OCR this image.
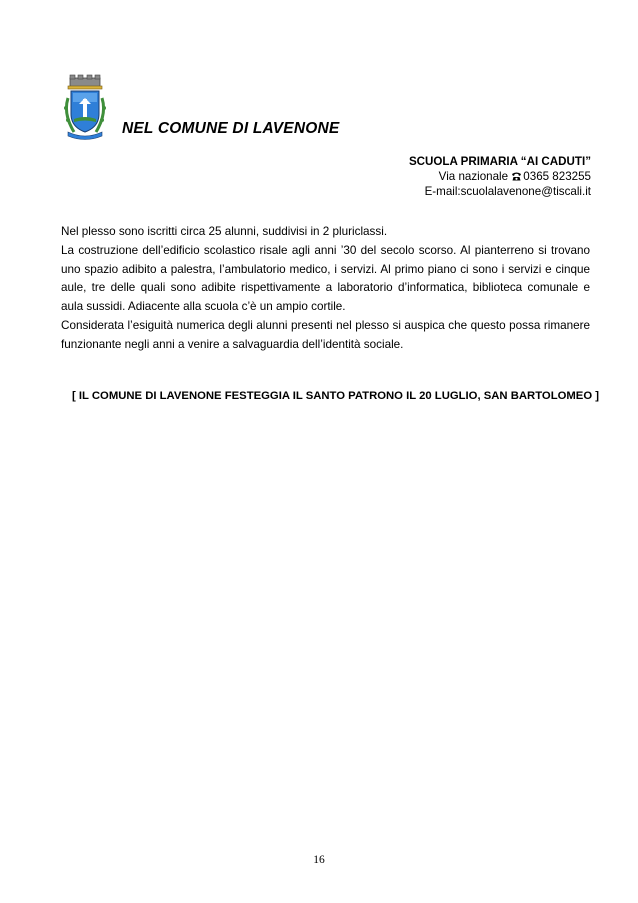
NEL COMUNE DI LAVENONE
SCUOLA PRIMARIA “AI CADUTI”
Via nazionale 0365 823255
E-mail:scuolalavenone@tiscali.it

Nel plesso sono iscritti circa 25 alunni, suddivisi in 2 pluriclassi.

La costruzione dell’edificio scolastico risale agli anni ’30 del secolo scorso. Al pianterreno si trovano uno spazio adibito a palestra, l’ambulatorio medico, i servizi. Al primo piano ci sono i servizi e cinque aule, tre delle quali sono adibite rispettivamente a laboratorio d’informatica, biblioteca comunale e aula sussidi. Adiacente alla scuola c’è un ampio cortile.

Considerata l’esiguità numerica degli alunni presenti nel plesso si auspica che questo possa rimanere funzionante negli anni a venire a salvaguardia dell’identità sociale.

[ IL COMUNE DI LAVENONE FESTEGGIA IL SANTO PATRONO IL 20 LUGLIO, SAN BARTOLOMEO ]
16
